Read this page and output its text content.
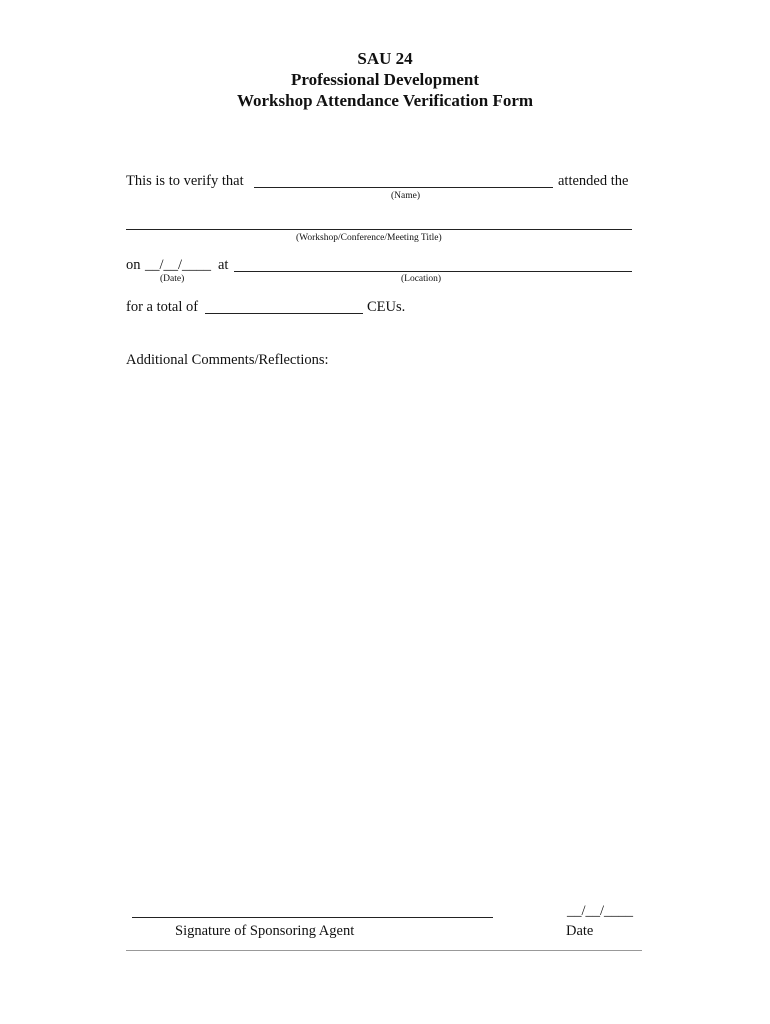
SAU 24
Professional Development
Workshop Attendance Verification Form
This is to verify that	attended the
(Name)
(Workshop/Conference/Meeting Title)
on __/__/____ at
(Date)	(Location)
for a total of	CEUs.
Additional Comments/Reflections:
Signature of Sponsoring Agent
__/__/____
Date
